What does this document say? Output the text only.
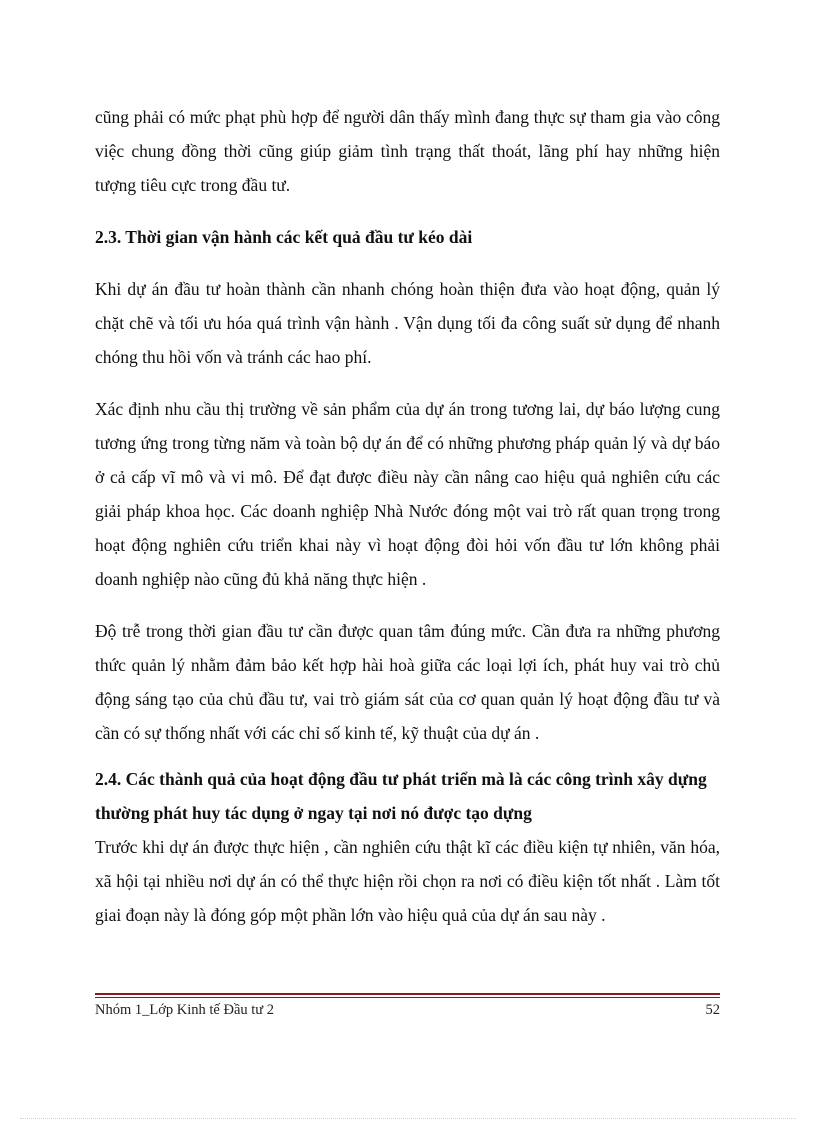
cũng phải có mức phạt phù hợp để người dân thấy mình đang thực sự tham gia vào công việc chung đồng thời cũng giúp giảm tình trạng thất thoát, lãng phí hay những hiện tượng tiêu cực trong đầu tư.

2.3. Thời gian vận hành các kết quả đầu tư kéo dài

Khi dự án đầu tư hoàn thành cần nhanh chóng hoàn thiện đưa vào hoạt động, quản lý chặt chẽ và tối ưu hóa quá trình vận hành . Vận dụng tối đa công suất sử dụng để nhanh chóng thu hồi vốn và tránh các hao phí.

Xác định nhu cầu thị trường về sản phẩm của dự án trong tương lai, dự báo lượng cung tương ứng trong từng năm và toàn bộ dự án để có những phương pháp quản lý và dự báo ở cả cấp vĩ mô và vi mô. Để đạt được điều này cần nâng cao hiệu quả nghiên cứu các giải pháp khoa học. Các doanh nghiệp Nhà Nước đóng một vai trò rất quan trọng trong hoạt động nghiên cứu triển khai này vì hoạt động đòi hỏi vốn đầu tư lớn không phải doanh nghiệp nào cũng đủ khả năng thực hiện .

Độ trễ trong thời gian đầu tư cần được quan tâm đúng mức. Cần đưa ra những phương thức quản lý nhằm đảm bảo kết hợp hài hoà giữa các loại lợi ích, phát huy vai trò chủ động sáng tạo của chủ đầu tư, vai trò giám sát của cơ quan quản lý hoạt động đầu tư và cần có sự thống nhất với các chỉ số kinh tế, kỹ thuật của dự án .

2.4. Các thành quả của hoạt động đầu tư phát triển mà là các công trình xây dựng thường phát huy tác dụng ở ngay tại nơi nó được tạo dựng

Trước khi dự án được thực hiện , cần nghiên cứu thật kĩ các điều kiện tự nhiên, văn hóa, xã hội tại nhiều nơi dự án có thể thực hiện rồi chọn ra nơi có điều kiện tốt nhất . Làm tốt giai đoạn này là đóng góp một phần lớn vào hiệu quả của dự án sau này .

Nhóm 1_Lớp Kinh tế Đầu tư 2	52
